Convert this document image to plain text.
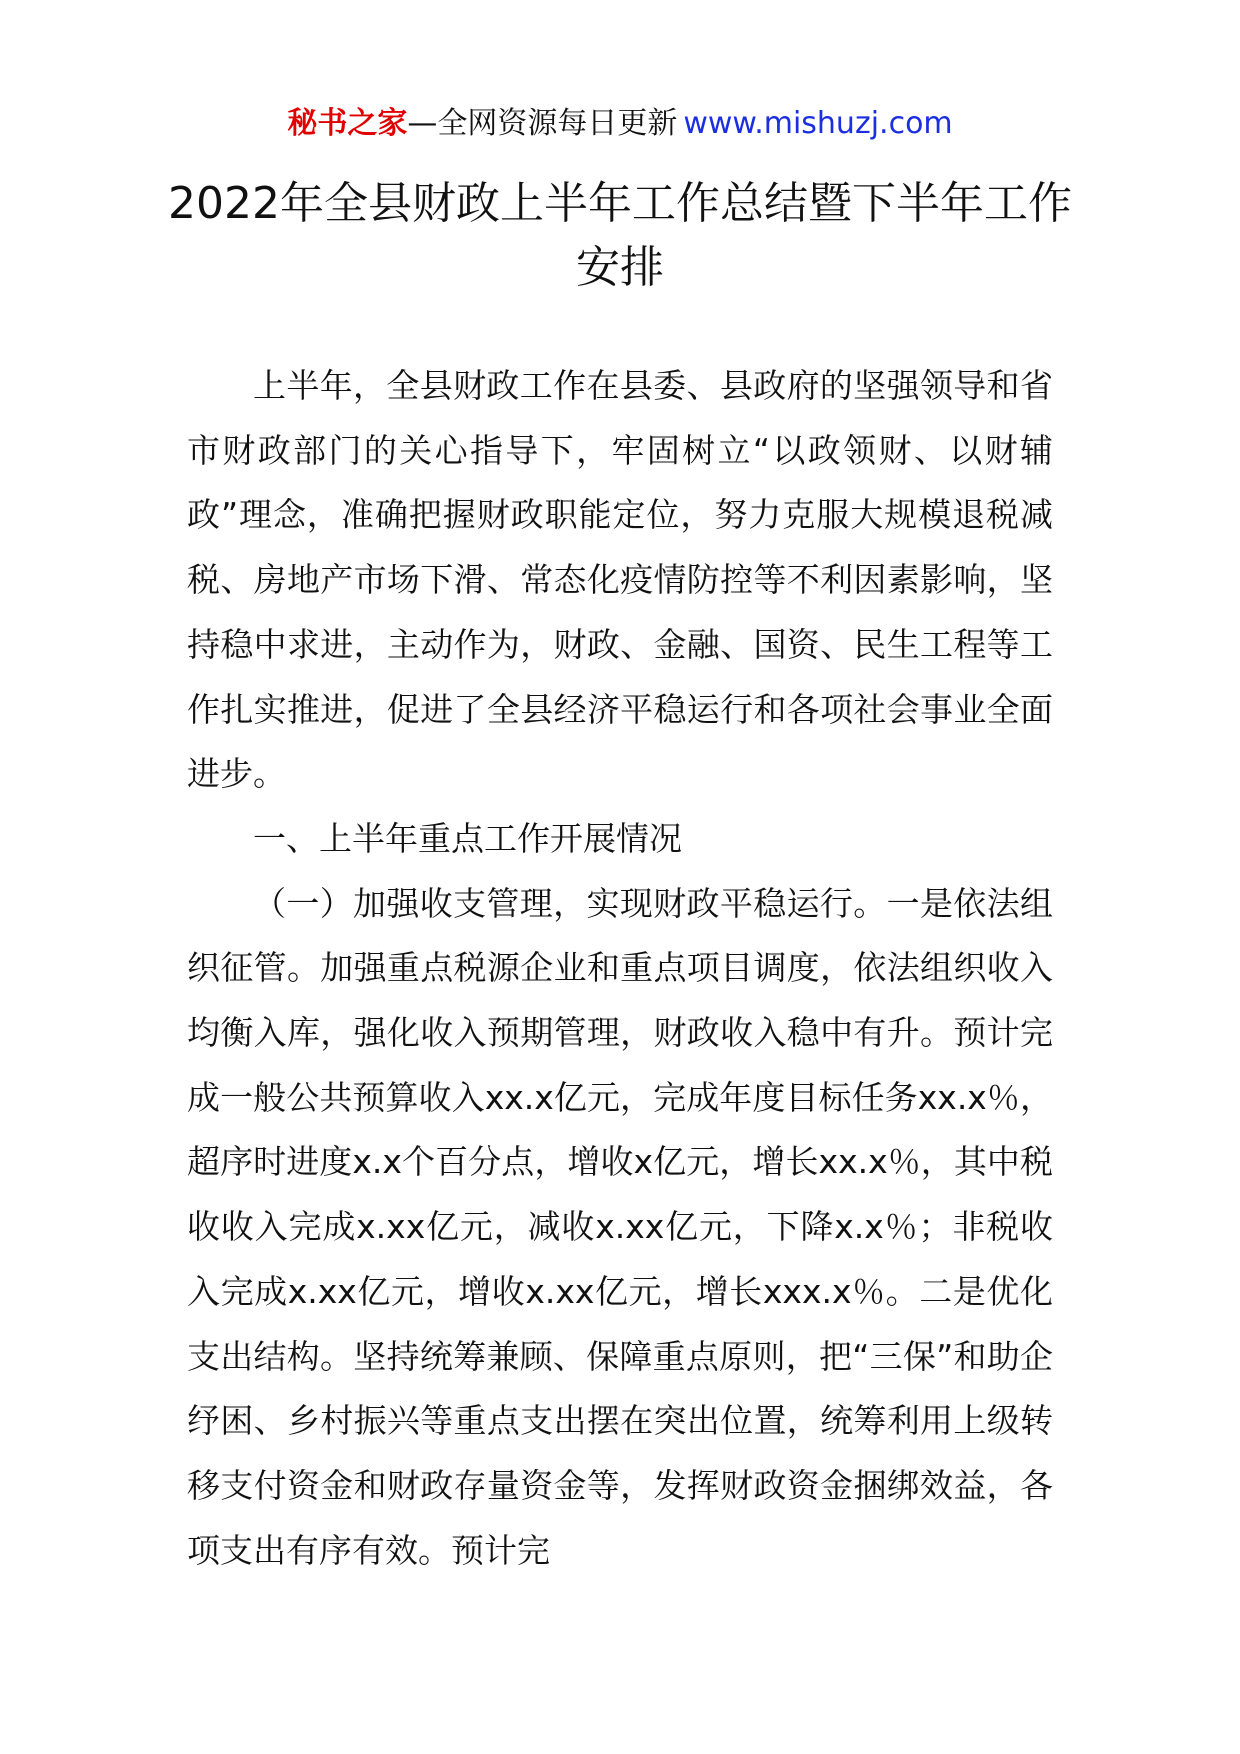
秘书之家—全网资源每日更新 www.mishuzj.com
2022年全县财政上半年工作总结暨下半年工作安排

上半年，全县财政工作在县委、县政府的坚强领导和省市财政部门的关心指导下，牢固树立“以政领财、以财辅政”理念，准确把握财政职能定位，努力克服大规模退税减税、房地产市场下滑、常态化疫情防控等不利因素影响，坚持稳中求进，主动作为，财政、金融、国资、民生工程等工作扎实推进，促进了全县经济平稳运行和各项社会事业全面进步。

一、上半年重点工作开展情况

（一）加强收支管理，实现财政平稳运行。一是依法组织征管。加强重点税源企业和重点项目调度，依法组织收入均衡入库，强化收入预期管理，财政收入稳中有升。预计完成一般公共预算收入xx.x亿元，完成年度目标任务xx.x％，超序时进度x.x个百分点，增收x亿元，增长xx.x％，其中税收收入完成x.xx亿元，减收x.xx亿元，下降x.x％；非税收入完成x.xx亿元，增收x.xx亿元，增长xxx.x％。二是优化支出结构。坚持统筹兼顾、保障重点原则，把“三保”和助企纾困、乡村振兴等重点支出摆在突出位置，统筹利用上级转移支付资金和财政存量资金等，发挥财政资金捆绑效益，各项支出有序有效。预计完
